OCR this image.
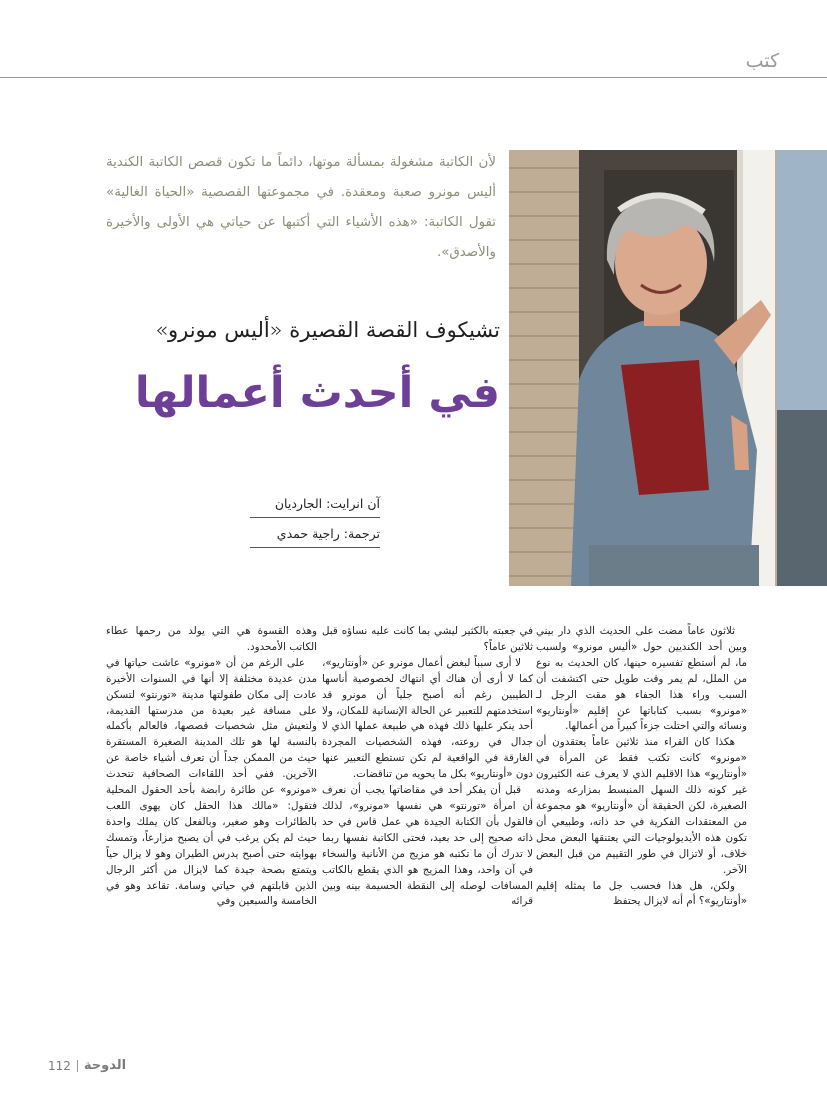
كتب
لأن الكاتبة مشغولة بمسألة موتها، دائماً ما تكون قصص الكاتبة الكندية أليس مونرو صعبة ومعقدة. في مجموعتها القصصية «الحياة الغالية» تقول الكاتبة: «هذه الأشياء التي أكتبها عن حياتي هي الأولى والأخيرة والأصدق».
تشيكوف القصة القصيرة «أليس مونرو»
في أحدث أعمالها
آن انرايت: الجارديان
ترجمة: راجية حمدي

ثلاثون عاماً مضت على الحديث الذي دار بيني وبين أحد الكنديين حول «أليس مونرو» ولسبب ما، لم أستطع تفسيره حينها، كان الحديث به نوع من الملل، لم يمر وقت طويل حتى اكتشفت أن السبب وراء هذا الجفاء هو مقت الرجل لـ «مونرو» بسبب كتاباتها عن إقليم «أونتاريو» ونسائه والتي احتلت جزءاً كبيراً من أعمالها.

هكذا كان القراء منذ ثلاثين عاماً يعتقدون أن «مونرو» كانت تكتب فقط عن المرأة في «أونتاريو» هذا الاقليم الذي لا يعرف عنه الكثيرون غير كونه ذلك السهل المنبسط بمزارعه ومدنه الصغيرة، لكن الحقيقة أن «أونتاريو» هو مجموعة من المعتقدات الفكرية في حد ذاته، وطبيعي أن تكون هذه الأيديولوجيات التي يعتنقها البعض محل خلاف، أو لاتزال في طور التقييم من قبل البعض الآخر.

ولكن، هل هذا فحسب جل ما يمثله إقليم «أونتاريو»؟ أم أنه لايزال يحتفظ

في جعبته بالكثير ليشي بما كانت عليه نساؤه قبل ثلاثين عاماً؟

لا أرى سبباً لبغض أعمال مونرو عن «أونتاريو»، كما لا أرى أن هناك أي انتهاك لخصوصية أناسها الطيبين رغم أنه أصبح جلياً أن مونرو قد استخدمتهم للتعبير عن الحالة الإنسانية للمكان، ولا أحد ينكر عليها ذلك فهذه هي طبيعة عملها الذي لا جدال في روعته، فهذه الشخصيات المجردة الغارقة في الواقعية لم تكن تستطع التعبير عنها دون «أونتاريو» بكل ما يحويه من تناقضات.

قبل أن يفكر أحد في مقاضاتها يجب أن نعرف أن امرأة «تورنتو» هي نفسها «مونرو»، لذلك فالقول بأن الكتابة الجيدة هي عمل قاس في حد ذاته صحيح إلى حد بعيد، فحتى الكاتبة نفسها ربما لا تدرك أن ما تكتبه هو مزيج من الأنانية والسخاء في آن واحد، وهذا المزيج هو الذي يقطع بالكاتب المسافات لوصله إلى النقطة الحسيمة بينه وبين قرائه

وهذه القسوة هي التي يولد من رحمها عطاء الكاتب الأمحدود.

على الرغم من أن «مونرو» عاشت حياتها في مدن عديدة مختلفة إلا أنها في السنوات الأخيرة عادت إلى مكان طفولتها مدينة «تورنتو» لتسكن على مسافة غير بعيدة من مدرستها القديمة، ولتعيش مثل شخصيات قصصها، فالعالم بأكمله بالنسبة لها هو تلك المدينة الصغيرة المستقرة حيث من الممكن جداً أن تعرف أشياء خاصة عن الآخرين. ففي أحد اللقاءات الصحافية تتحدث «مونرو» عن طائرة رابضة بأحد الحقول المحلية فتقول: «مالك هذا الحقل كان يهوى اللعب بالطائرات وهو صغير، وبالفعل كان يملك واحدة حيث لم يكن يرغب في أن يصبح مزارعاً، وتمسك بهوايته حتى أصبح يدرس الطيران وهو لا يزال حياً ويتمتع بصحة جيدة كما لايزال من أكثر الرجال الذين قابلتهم في حياتي وسامة. تقاعد وهو في الخامسة والسبعين وفي

112 الدوحة
